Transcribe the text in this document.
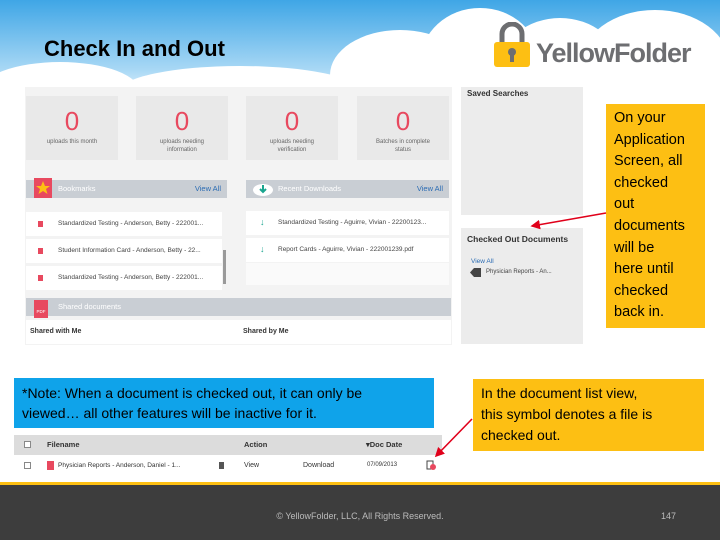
Check In and Out	YellowFolder
0
uploads this month
0
uploads needing information
0
uploads needing verification
0
Batches in complete status
Bookmarks	View All
Standardized Testing - Anderson, Betty - 222001...
Student Information Card - Anderson, Betty - 22...
Standardized Testing - Anderson, Betty - 222001...
Recent Downloads	View All
↓ Standardized Testing - Aguirre, Vivian - 22200123...
↓ Report Cards - Aguirre, Vivian - 222001239.pdf
PDF
Shared documents
Shared with Me	Shared by Me
Saved Searches
Checked Out Documents
View All
Physician Reports - An...
On your
Application
Screen, all
checked
out
documents
will be
here until
checked
back in.
*Note: When a document is checked out, it can only be
viewed… all other features will be inactive for it.
In the document list view,
this symbol denotes a file is
checked out.
Filename	Action	▾Doc Date
Physician Reports - Anderson, Daniel - 1...	View	Download	07/09/2013
© YellowFolder, LLC, All Rights Reserved.	147
